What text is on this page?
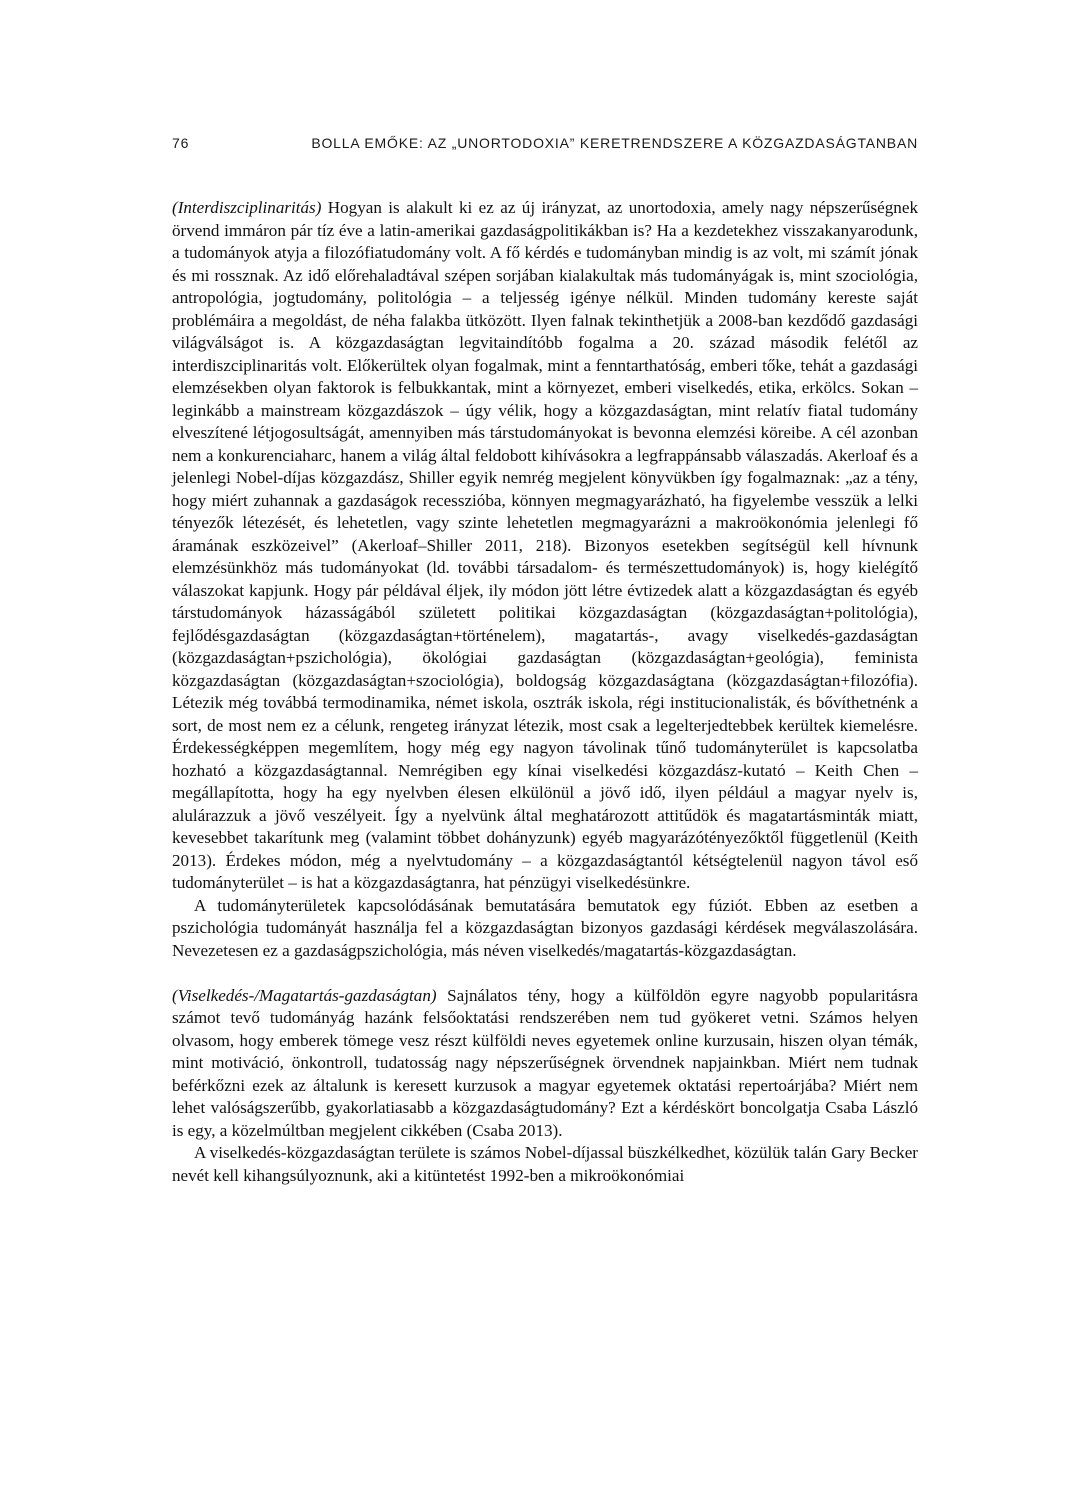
76	BOLLA EMŐKE: AZ „UNORTODOXIA” KERETRENDSZERE A KÖZGAZDASÁGTANBAN

(Interdiszciplinaritás) Hogyan is alakult ki ez az új irányzat, az unortodoxia, amely nagy népszerűségnek örvend immáron pár tíz éve a latin-amerikai gazdaságpolitikákban is? Ha a kezdetekhez visszakanyarodunk, a tudományok atyja a filozófiatudomány volt. A fő kérdés e tudományban mindig is az volt, mi számít jónak és mi rossznak. Az idő előrehaladtával szépen sorjában kialakultak más tudományágak is, mint szociológia, antropológia, jogtudomány, politológia – a teljesség igénye nélkül. Minden tudomány kereste saját problémáira a megoldást, de néha falakba ütközött. Ilyen falnak tekinthetjük a 2008-ban kezdődő gazdasági világválságot is. A közgazdaságtan legvitaindítóbb fogalma a 20. század második felétől az interdiszciplinaritás volt. Előkerültek olyan fogalmak, mint a fenntarthatóság, emberi tőke, tehát a gazdasági elemzésekben olyan faktorok is felbukkantak, mint a környezet, emberi viselkedés, etika, erkölcs. Sokan – leginkább a mainstream közgazdászok – úgy vélik, hogy a közgazdaságtan, mint relatív fiatal tudomány elveszítené létjogosultságát, amennyiben más társtudományokat is bevonna elemzési köreibe. A cél azonban nem a konkurenciaharc, hanem a világ által feldobott kihívásokra a legfrappánsabb válaszadás. Akerloaf és a jelenlegi Nobel-díjas közgazdász, Shiller egyik nemrég megjelent könyvükben így fogalmaznak: „az a tény, hogy miért zuhannak a gazdaságok recesszióba, könnyen megmagyarázható, ha figyelembe vesszük a lelki tényezők létezését, és lehetetlen, vagy szinte lehetetlen megmagyarázni a makroökonómia jelenlegi fő áramának eszközeivel” (Akerloaf–Shiller 2011, 218). Bizonyos esetekben segítségül kell hívnunk elemzésünkhöz más tudományokat (ld. további társadalom- és természettudományok) is, hogy kielégítő válaszokat kapjunk. Hogy pár példával éljek, ily módon jött létre évtizedek alatt a közgazdaságtan és egyéb társtudományok házasságából született politikai közgazdaságtan (közgazdaságtan+politológia), fejlődésgazdaságtan (közgazdaságtan+történelem), magatartás-, avagy viselkedés-gazdaságtan (közgazdaságtan+pszichológia), ökológiai gazdaságtan (közgazdaságtan+geológia), feminista közgazdaságtan (közgazdaságtan+szociológia), boldogság közgazdaságtana (közgazdaságtan+filozófia). Létezik még továbbá termodinamika, német iskola, osztrák iskola, régi institucionalisták, és bővíthetnénk a sort, de most nem ez a célunk, rengeteg irányzat létezik, most csak a legelterjedtebbek kerültek kiemelésre. Érdekességképpen megemlítem, hogy még egy nagyon távolinak tűnő tudományterület is kapcsolatba hozható a közgazdaságtannal. Nemrégiben egy kínai viselkedési közgazdász-kutató – Keith Chen – megállapította, hogy ha egy nyelvben élesen elkülönül a jövő idő, ilyen például a magyar nyelv is, alulárazzuk a jövő veszélyeit. Így a nyelvünk által meghatározott attitűdök és magatartásminták miatt, kevesebbet takarítunk meg (valamint többet dohányzunk) egyéb magyarázótényezőktől függetlenül (Keith 2013). Érdekes módon, még a nyelvtudomány – a közgazdaságtantól kétségtelenül nagyon távol eső tudományterület – is hat a közgazdaságtanra, hat pénzügyi viselkedésünkre.

A tudományterületek kapcsolódásának bemutatására bemutatok egy fúziót. Ebben az esetben a pszichológia tudományát használja fel a közgazdaságtan bizonyos gazdasági kérdések megválaszolására. Nevezetesen ez a gazdaságpszichológia, más néven viselkedés/magatartás-közgazdaságtan.

(Viselkedés-/Magatartás-gazdaságtan) Sajnálatos tény, hogy a külföldön egyre nagyobb popularitásra számot tevő tudományág hazánk felsőoktatási rendszerében nem tud gyökeret vetni. Számos helyen olvasom, hogy emberek tömege vesz részt külföldi neves egyetemek online kurzusain, hiszen olyan témák, mint motiváció, önkontroll, tudatosság nagy népszerűségnek örvendnek napjainkban. Miért nem tudnak beférkőzni ezek az általunk is keresett kurzusok a magyar egyetemek oktatási repertoárjába? Miért nem lehet valóságszerűbb, gyakorlatiasabb a közgazdaságtudomány? Ezt a kérdéskört boncolgatja Csaba László is egy, a közelmúltban megjelent cikkében (Csaba 2013).

A viselkedés-közgazdaságtan területe is számos Nobel-díjassal büszkélkedhet, közülük talán Gary Becker nevét kell kihangsúlyoznunk, aki a kitüntetést 1992-ben a mikroökonómiai
